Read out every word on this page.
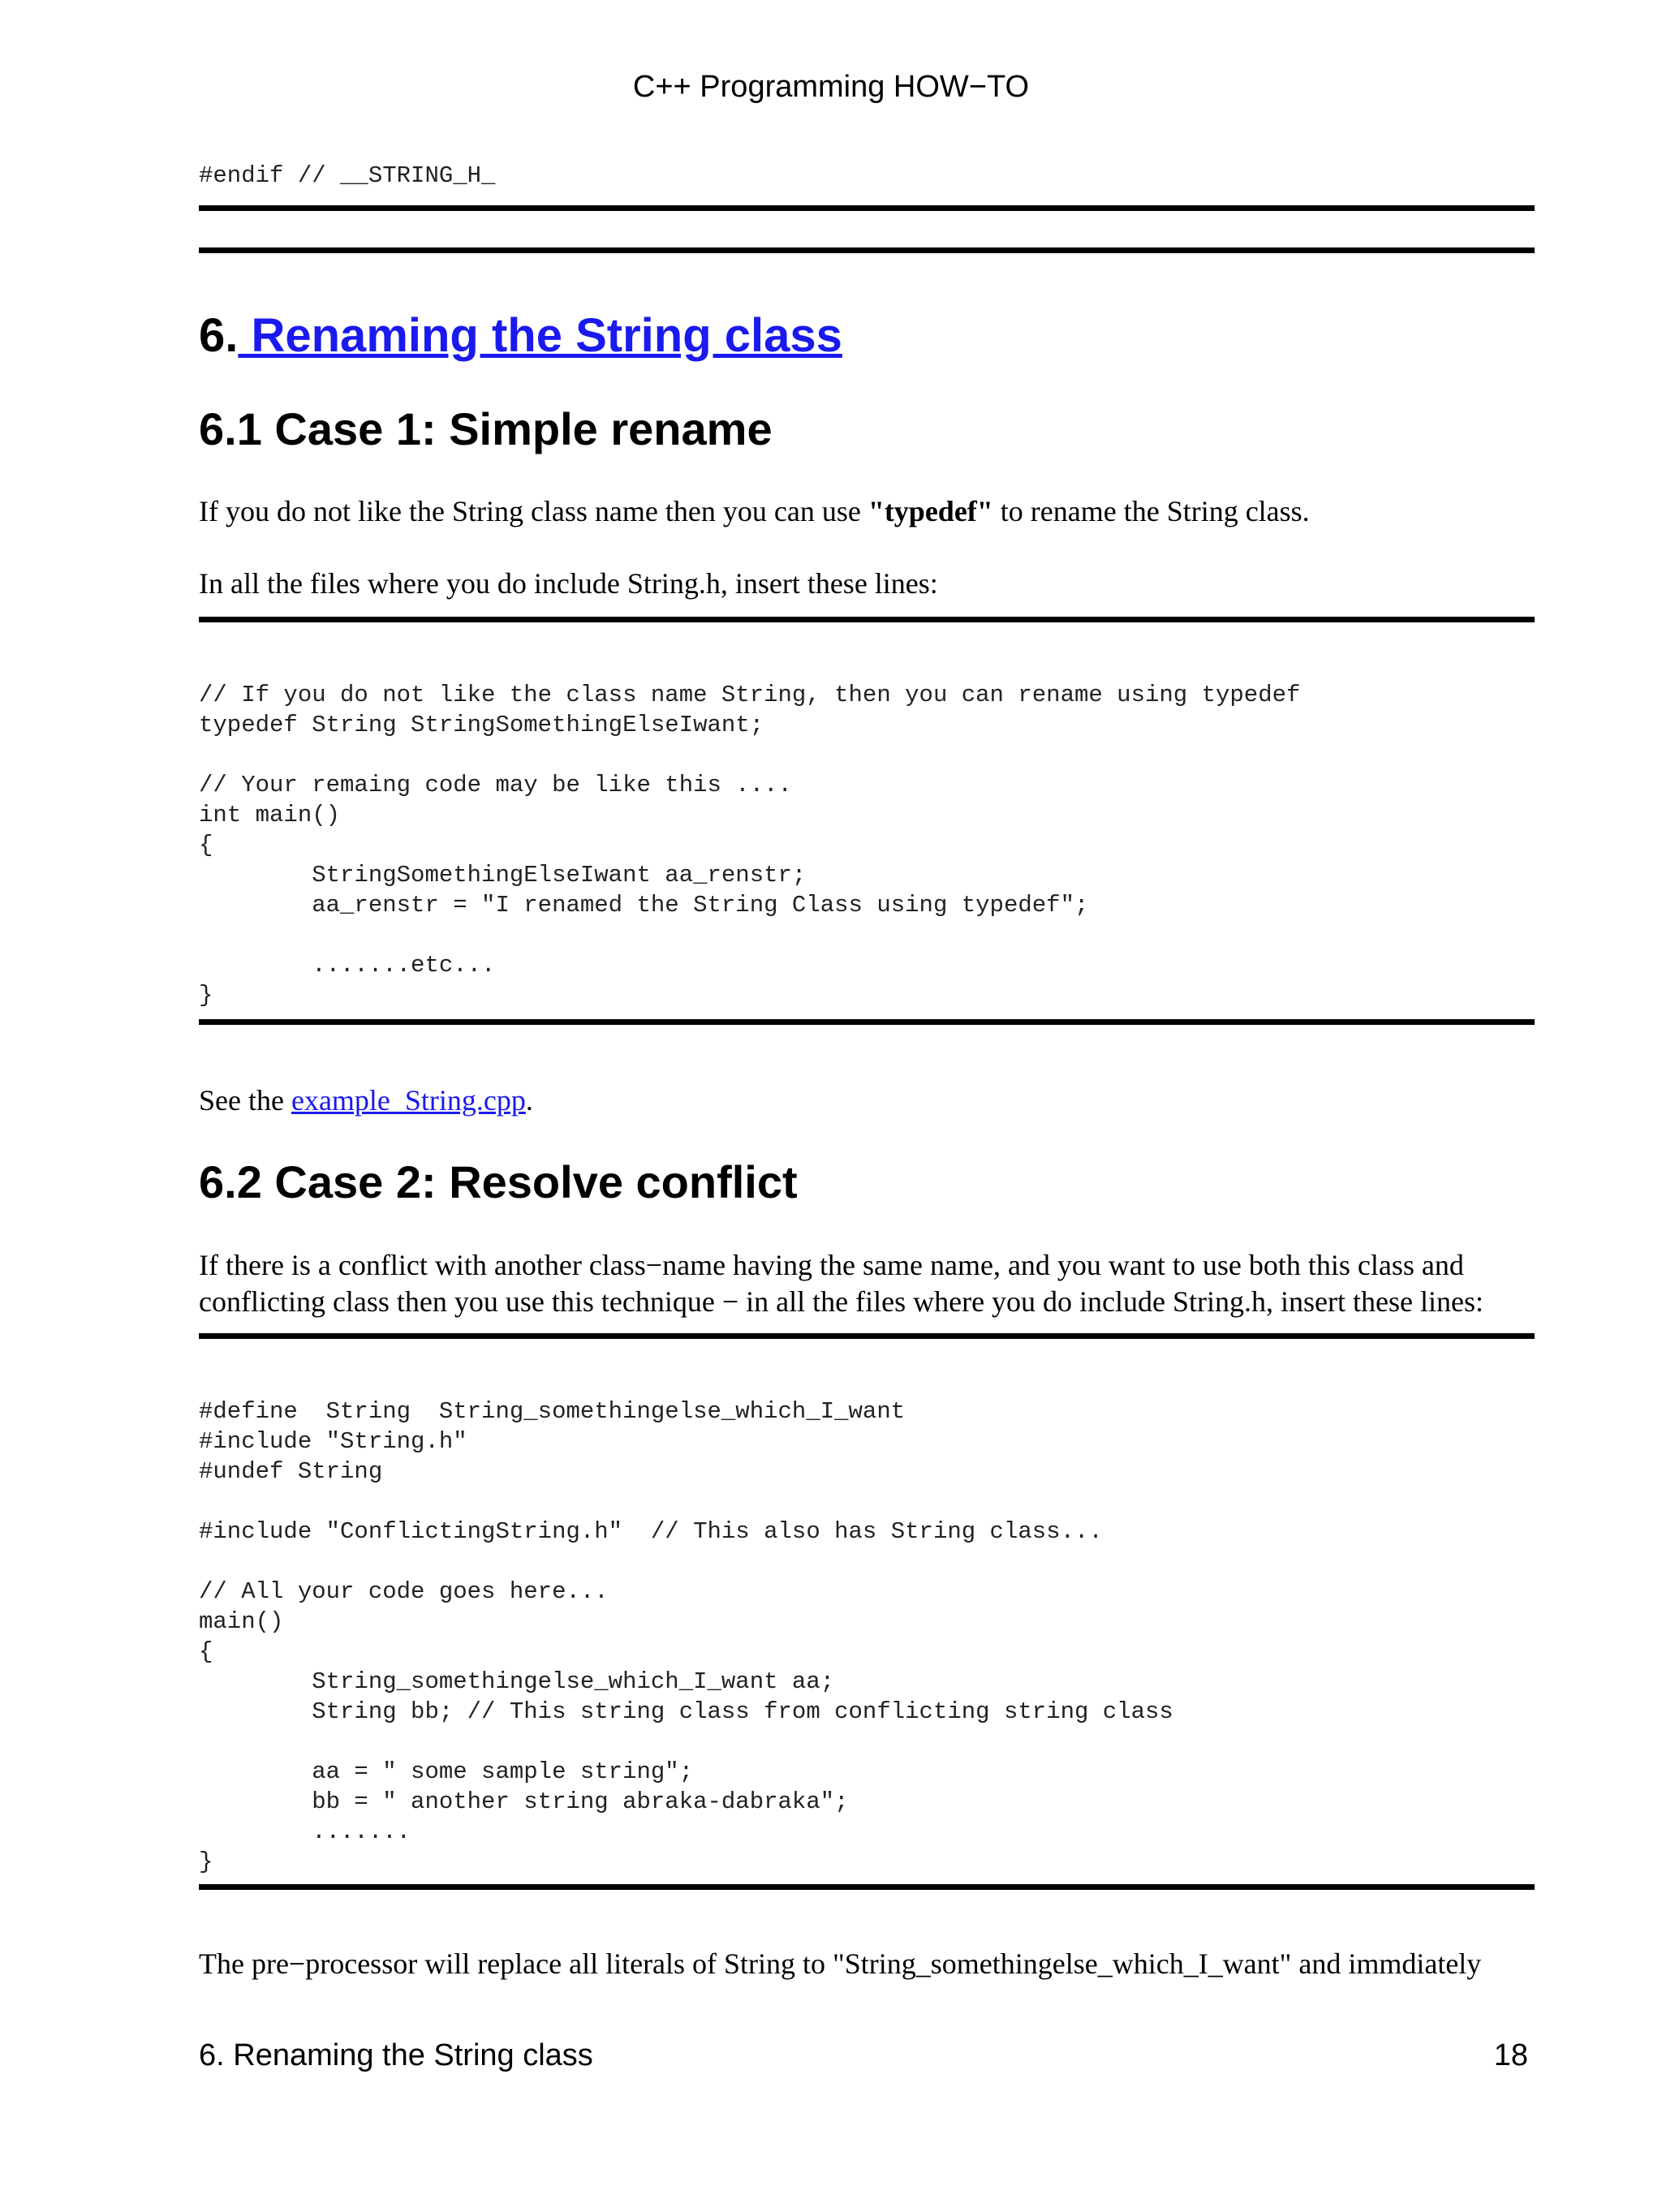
C++ Programming HOW−TO
#endif // __STRING_H_
6. Renaming the String class
6.1 Case 1: Simple rename

If you do not like the String class name then you can use "typedef" to rename the String class.

In all the files where you do include String.h, insert these lines:

// If you do not like the class name String, then you can rename using typedef
typedef String StringSomethingElseIwant;

// Your remaing code may be like this ....
int main()
{
StringSomethingElseIwant aa_renstr;
aa_renstr = "I renamed the String Class using typedef";

.......etc...
}

See the example_String.cpp.

6.2 Case 2: Resolve conflict

If there is a conflict with another class−name having the same name, and you want to use both this class and
conflicting class then you use this technique − in all the files where you do include String.h, insert these lines:

#define  String  String_somethingelse_which_I_want
#include "String.h"
#undef String

#include "ConflictingString.h"  // This also has String class...

// All your code goes here...
main()
{
String_somethingelse_which_I_want aa;
String bb; // This string class from conflicting string class

aa = " some sample string";
bb = " another string abraka-dabraka";
.......
}

The pre−processor will replace all literals of String to "String_somethingelse_which_I_want" and immdiately

6. Renaming the String class	18
